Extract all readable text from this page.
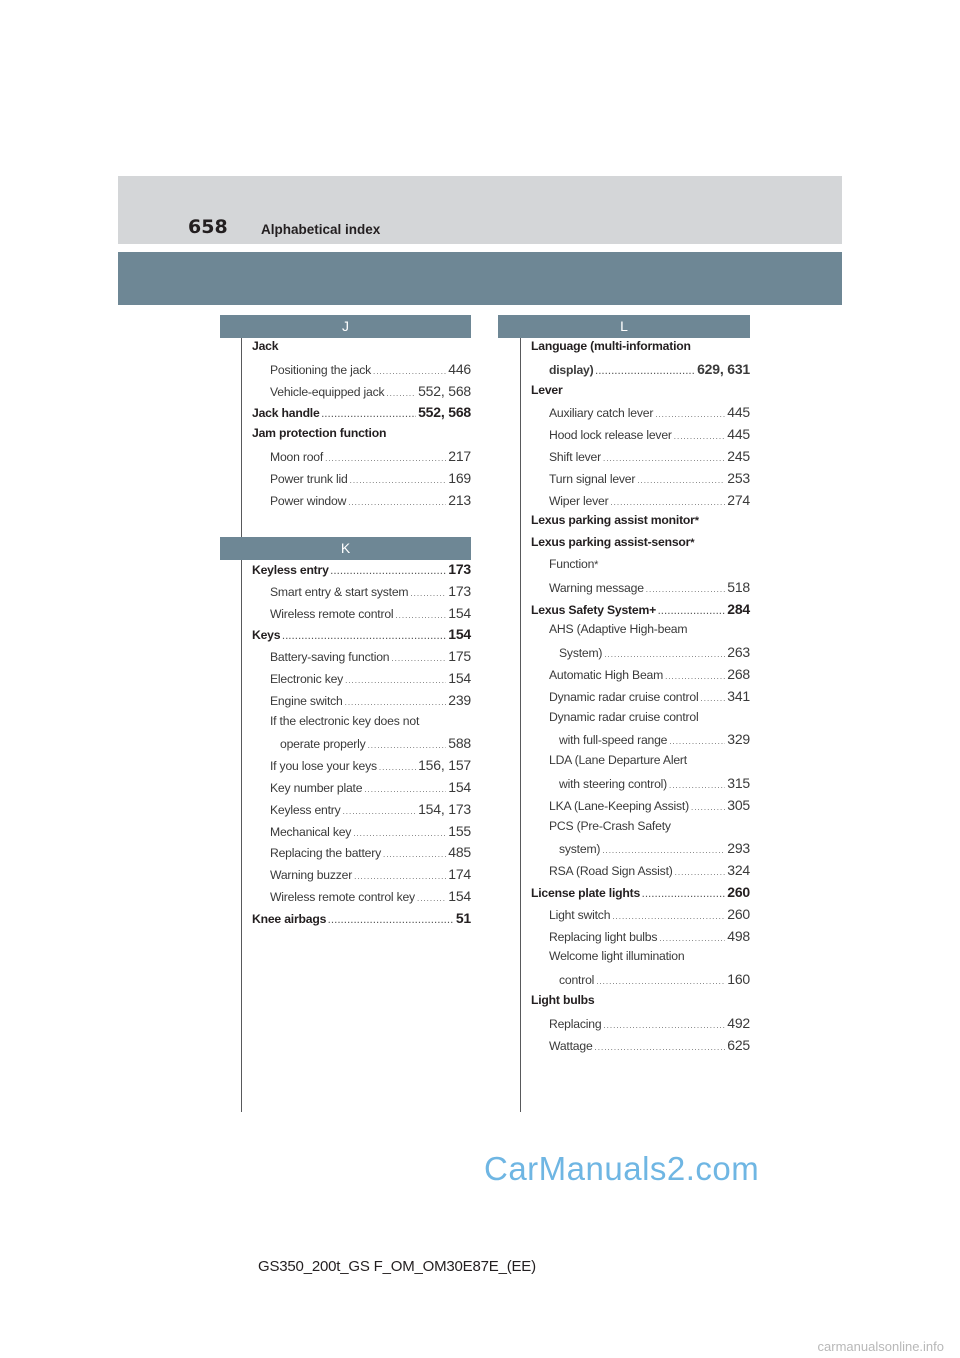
658 Alphabetical index
J
Jack
Positioning the jack .....	446
Vehicle-equipped jack ..... 552, 568
Jack handle .....	552, 568
Jam protection function
Moon roof .....	217
Power trunk lid .....	169
Power window .....	213
K
Keyless entry .....	173
Smart entry & start system .....	173
Wireless remote control .....	154
Keys .....	154
Battery-saving function .....	175
Electronic key .....	154
Engine switch .....	239
If the electronic key does not
operate properly .....	588
If you lose your keys .....	156, 157
Key number plate .....	154
Keyless entry .....	154, 173
Mechanical key .....	155
Replacing the battery .....	485
Warning buzzer .....	174
Wireless remote control key ..... 154
Knee airbags .....	51
L
Language (multi-information
display) .....	629, 631
Lever
Auxiliary catch lever .....	445
Hood lock release lever .....	445
Shift lever .....	245
Turn signal lever .....	253
Wiper lever .....	274
Lexus parking assist monitor *
Lexus parking assist-sensor *
Function *
Warning message .....	518
Lexus Safety System+ .....	284
AHS (Adaptive High-beam
System) .....	263
Automatic High Beam .....	268
Dynamic radar cruise control ..... 341
Dynamic radar cruise control
with full-speed range .....	329
LDA (Lane Departure Alert
with steering control) .....	315
LKA (Lane-Keeping Assist) .....	305
PCS (Pre-Crash Safety
system) .....	293
RSA (Road Sign Assist) .....	324
License plate lights .....	260
Light switch .....	260
Replacing light bulbs .....	498
Welcome light illumination
control .....	160
Light bulbs
Replacing .....	492
Wattage .....	625
GS350_200t_GS F_OM_OM30E87E_(EE)
CarManuals2.com
carmanualsonline.info
